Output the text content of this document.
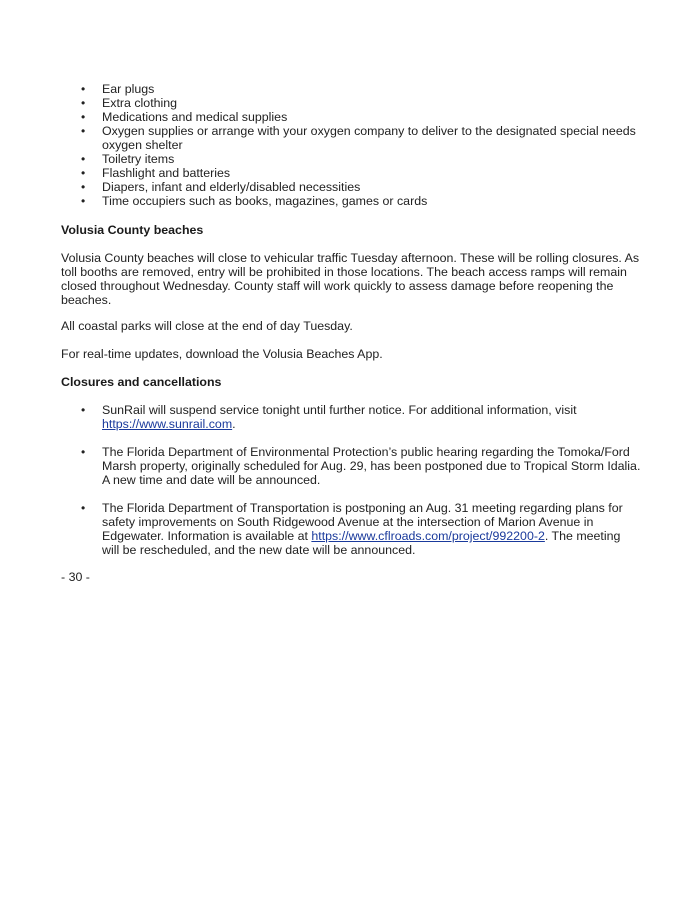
• Ear plugs
• Extra clothing
• Medications and medical supplies
• Oxygen supplies or arrange with your oxygen company to deliver to the designated special needs oxygen shelter
• Toiletry items
• Flashlight and batteries
• Diapers, infant and elderly/disabled necessities
• Time occupiers such as books, magazines, games or cards
Volusia County beaches

Volusia County beaches will close to vehicular traffic Tuesday afternoon. These will be rolling closures. As toll booths are removed, entry will be prohibited in those locations. The beach access ramps will remain closed throughout Wednesday. County staff will work quickly to assess damage before reopening the beaches.

All coastal parks will close at the end of day Tuesday.

For real-time updates, download the Volusia Beaches App.

Closures and cancellations
• SunRail will suspend service tonight until further notice. For additional information, visit https://www.sunrail.com.
• The Florida Department of Environmental Protection’s public hearing regarding the Tomoka/Ford Marsh property, originally scheduled for Aug. 29, has been postponed due to Tropical Storm Idalia. A new time and date will be announced.
• The Florida Department of Transportation is postponing an Aug. 31 meeting regarding plans for safety improvements on South Ridgewood Avenue at the intersection of Marion Avenue in Edgewater. Information is available at https://www.cflroads.com/project/992200-2. The meeting will be rescheduled, and the new date will be announced.
- 30 -
